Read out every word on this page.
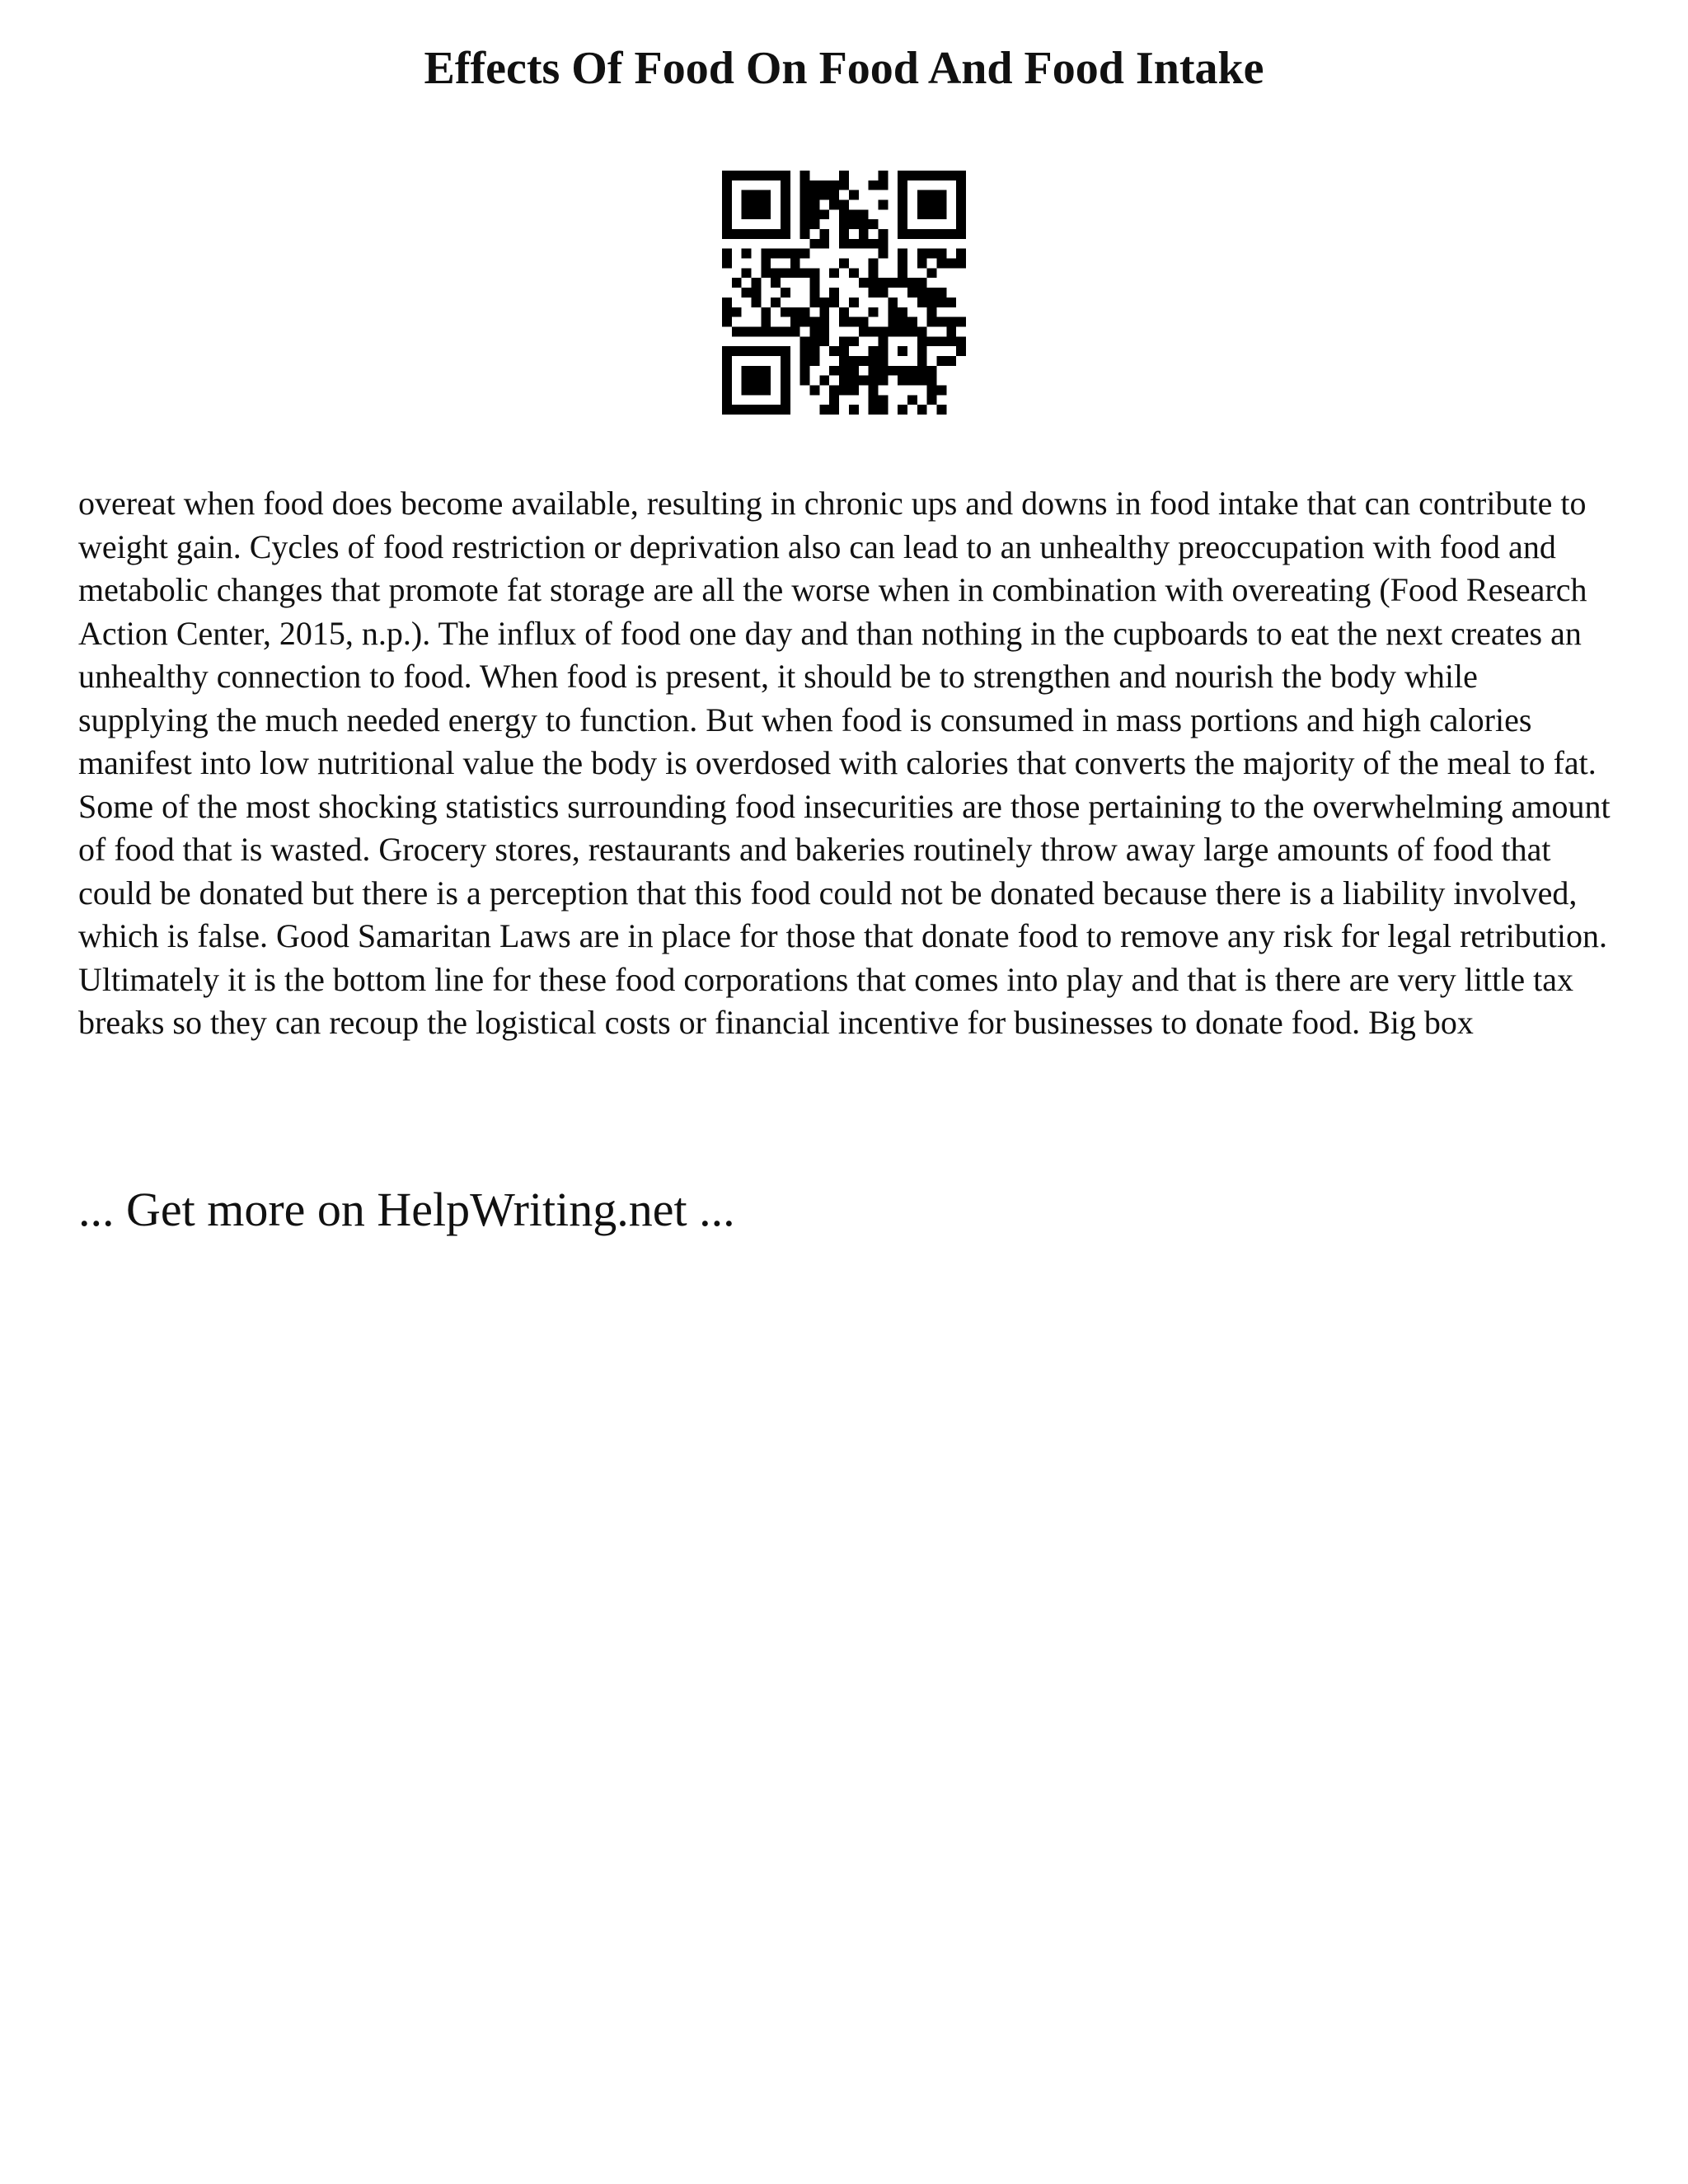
Effects Of Food On Food And Food Intake

overeat when food does become available, resulting in chronic ups and downs in food intake that can contribute to weight gain. Cycles of food restriction or deprivation also can lead to an unhealthy preoccupation with food and metabolic changes that promote fat storage are all the worse when in combination with overeating (Food Research Action Center, 2015, n.p.). The influx of food one day and than nothing in the cupboards to eat the next creates an unhealthy connection to food. When food is present, it should be to strengthen and nourish the body while supplying the much needed energy to function. But when food is consumed in mass portions and high calories manifest into low nutritional value the body is overdosed with calories that converts the majority of the meal to fat.

Some of the most shocking statistics surrounding food insecurities are those pertaining to the overwhelming amount of food that is wasted. Grocery stores, restaurants and bakeries routinely throw away large amounts of food that could be donated but there is a perception that this food could not be donated because there is a liability involved, which is false. Good Samaritan Laws are in place for those that donate food to remove any risk for legal retribution. Ultimately it is the bottom line for these food corporations that comes into play and that is there are very little tax breaks so they can recoup the logistical costs or financial incentive for businesses to donate food. Big box

... Get more on HelpWriting.net ...
